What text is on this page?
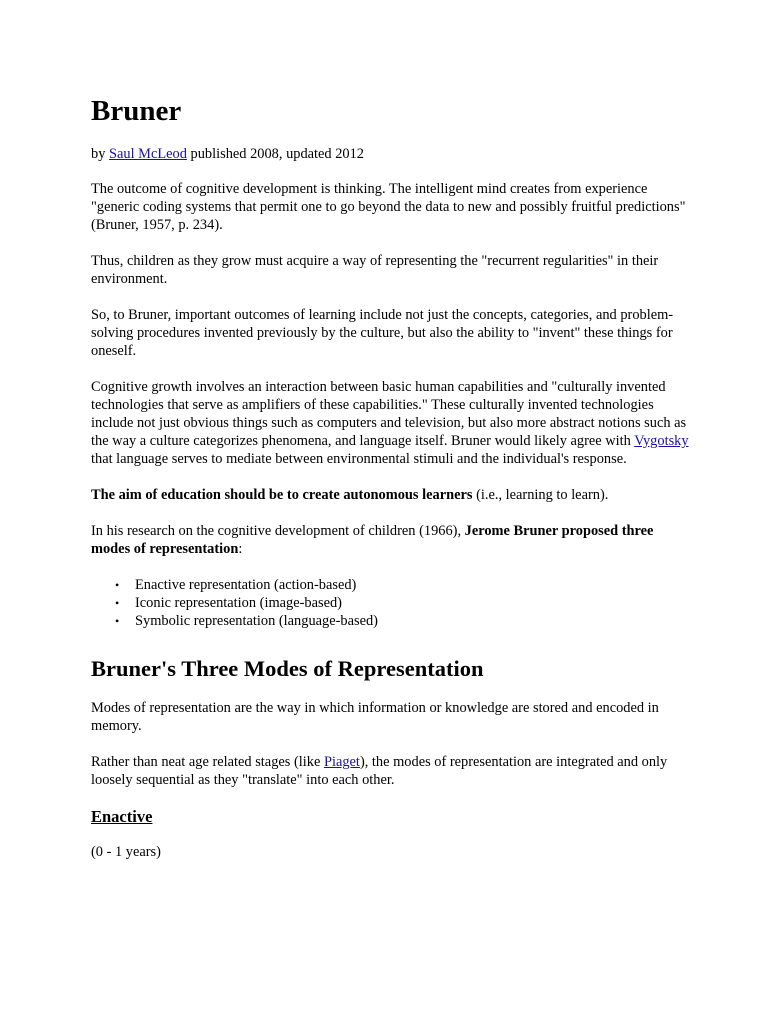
Bruner

by Saul McLeod published 2008, updated 2012

The outcome of cognitive development is thinking. The intelligent mind creates from experience "generic coding systems that permit one to go beyond the data to new and possibly fruitful predictions" (Bruner, 1957, p. 234).

Thus, children as they grow must acquire a way of representing the "recurrent regularities" in their environment.

So, to Bruner, important outcomes of learning include not just the concepts, categories, and problem-solving procedures invented previously by the culture, but also the ability to "invent" these things for oneself.

Cognitive growth involves an interaction between basic human capabilities and "culturally invented technologies that serve as amplifiers of these capabilities." These culturally invented technologies include not just obvious things such as computers and television, but also more abstract notions such as the way a culture categorizes phenomena, and language itself. Bruner would likely agree with Vygotsky that language serves to mediate between environmental stimuli and the individual's response.

The aim of education should be to create autonomous learners (i.e., learning to learn).

In his research on the cognitive development of children (1966), Jerome Bruner proposed three modes of representation:

• Enactive representation (action-based)
• Iconic representation (image-based)
• Symbolic representation (language-based)
Bruner's Three Modes of Representation

Modes of representation are the way in which information or knowledge are stored and encoded in memory.

Rather than neat age related stages (like Piaget), the modes of representation are integrated and only loosely sequential as they "translate" into each other.

Enactive

(0 - 1 years)
